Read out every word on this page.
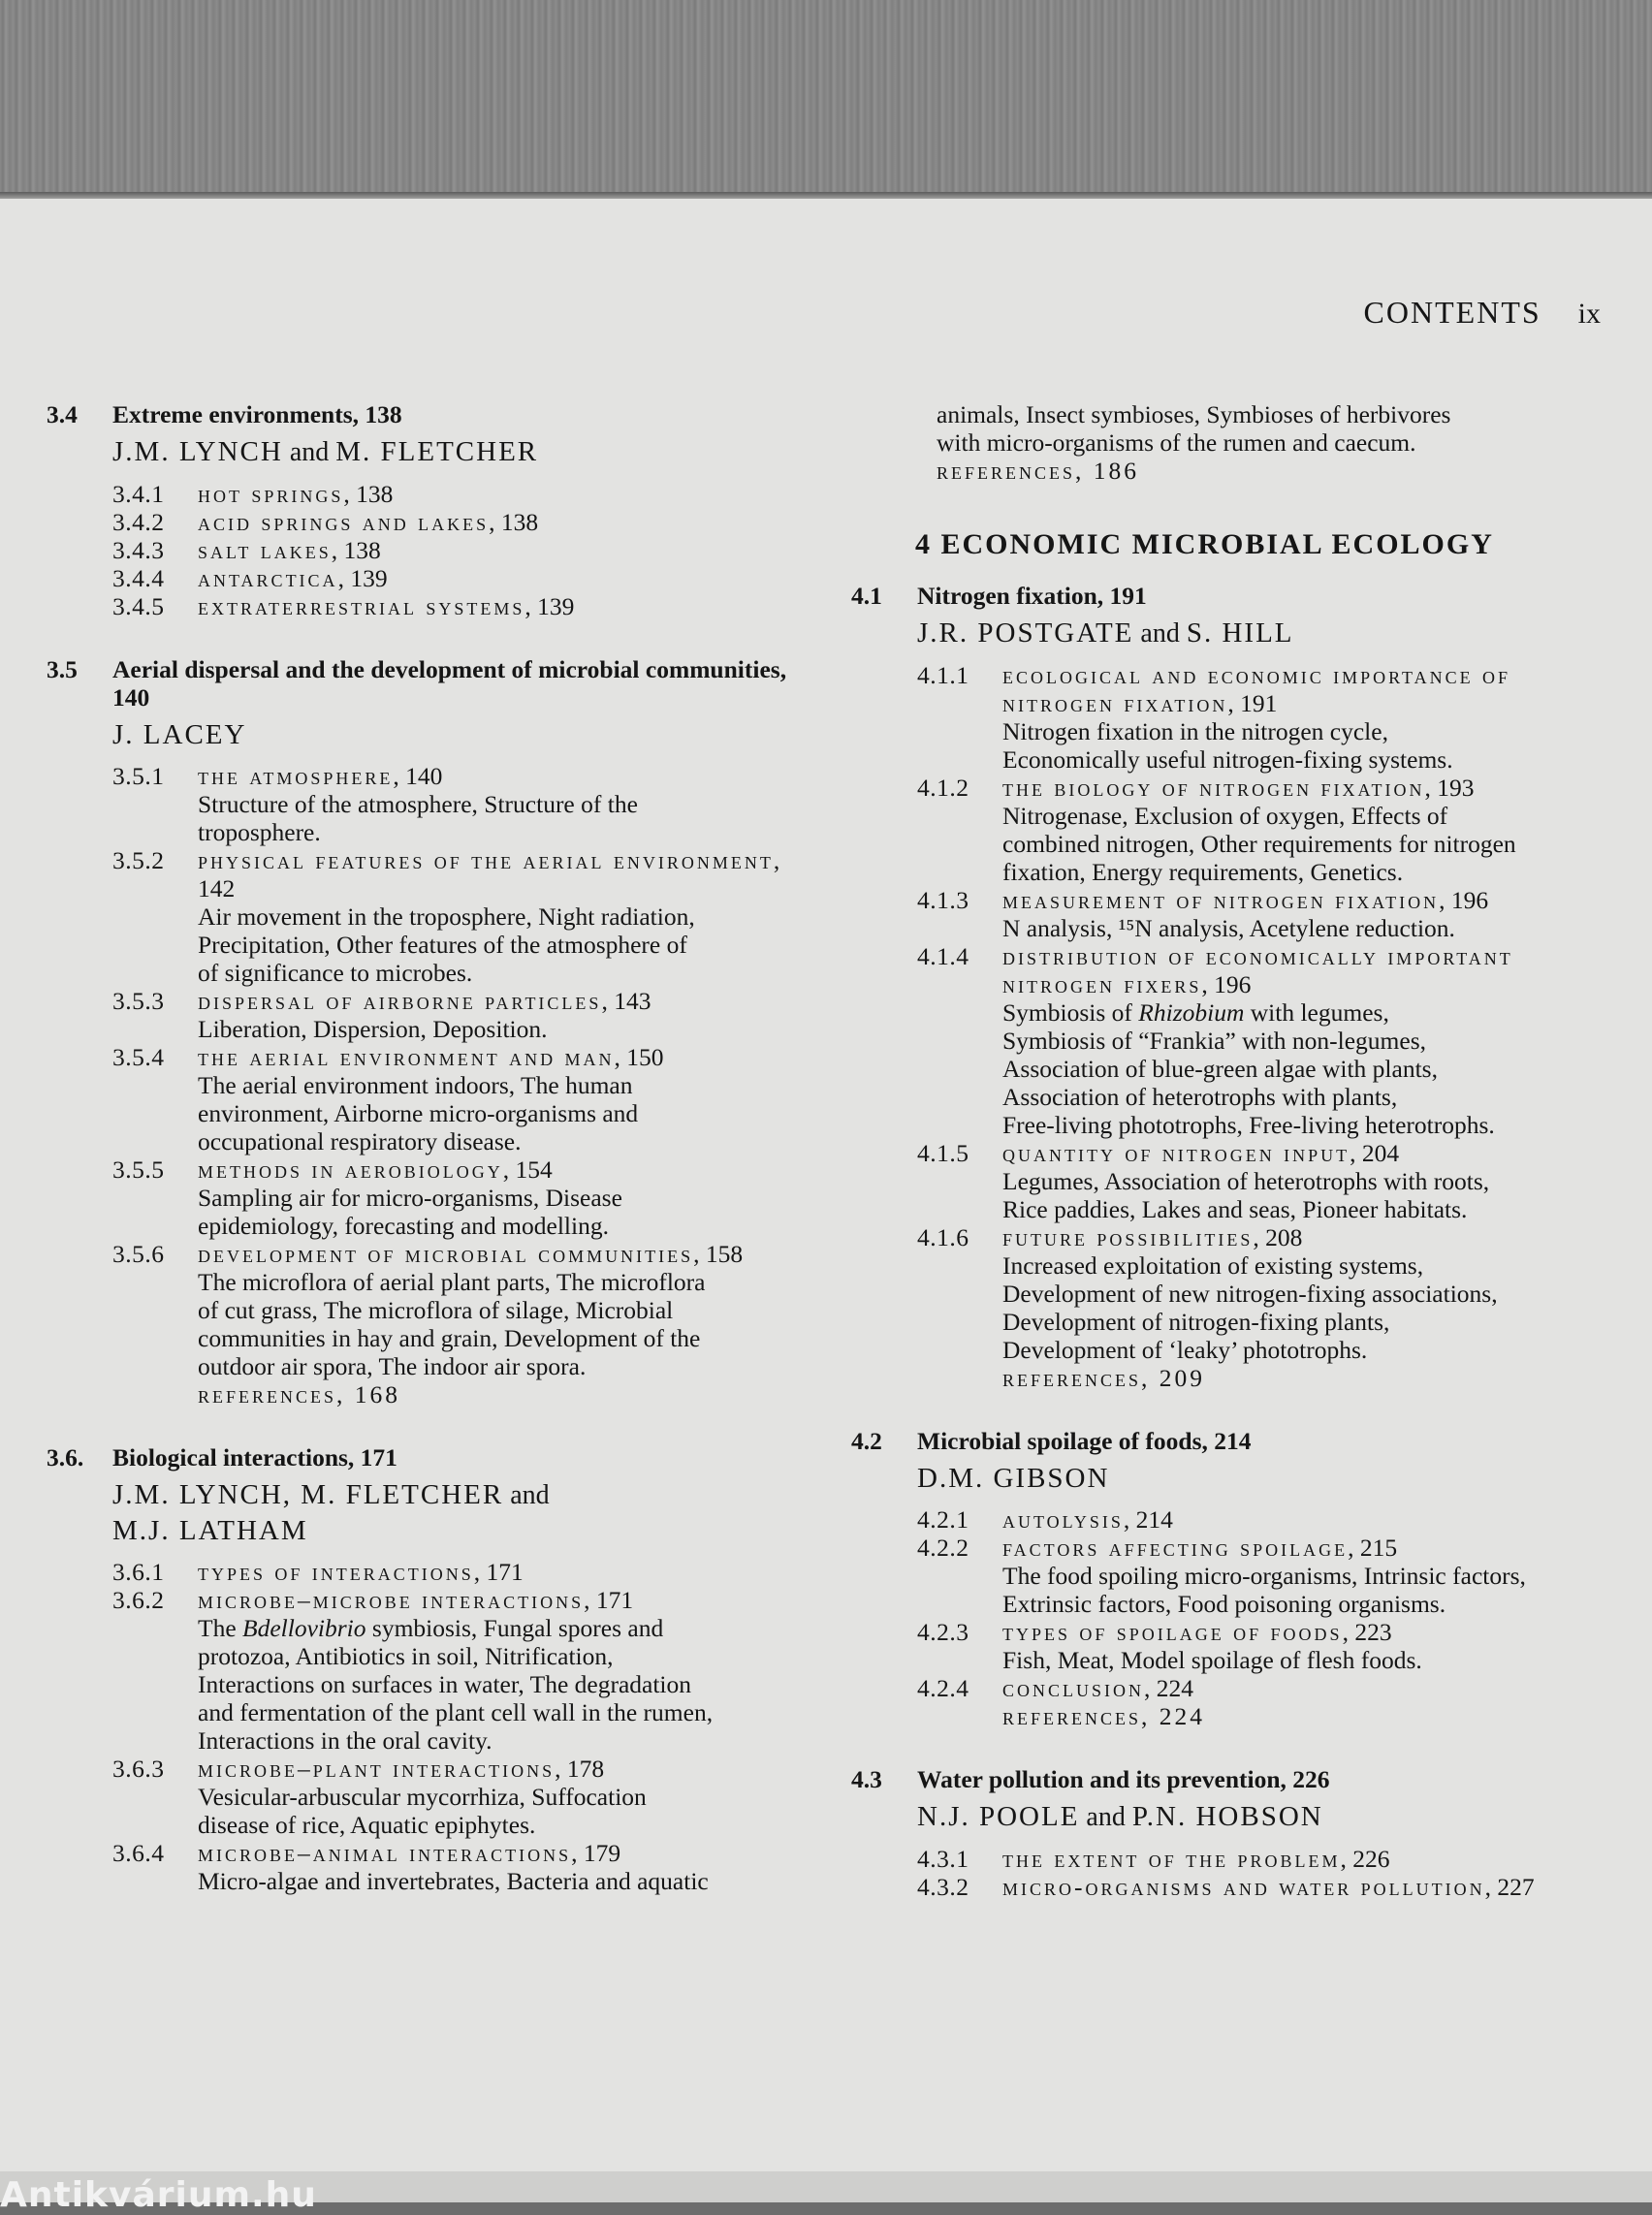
CONTENTS ix
3.4	Extreme environments, 138
J.M. LYNCH and M. FLETCHER
3.4.1	hot springs, 138
3.4.2	acid springs and lakes, 138
3.4.3	salt lakes, 138
3.4.4	antarctica, 139
3.4.5	extraterrestrial systems, 139
3.5	Aerial dispersal and the development of microbial communities, 140
J. LACEY
3.5.1	the atmosphere, 140
Structure of the atmosphere, Structure of the
troposphere.
3.5.2	physical features of the aerial environment, 142
Air movement in the troposphere, Night radiation,
Precipitation, Other features of the atmosphere of
of significance to microbes.
3.5.3	dispersal of airborne particles, 143
Liberation, Dispersion, Deposition.
3.5.4	the aerial environment and man, 150
The aerial environment indoors, The human
environment, Airborne micro-organisms and
occupational respiratory disease.
3.5.5	methods in aerobiology, 154
Sampling air for micro-organisms, Disease
epidemiology, forecasting and modelling.
3.5.6	development of microbial communities, 158
The microflora of aerial plant parts, The microflora
of cut grass, The microflora of silage, Microbial
communities in hay and grain, Development of the
outdoor air spora, The indoor air spora.
references, 168
3.6.	Biological interactions, 171
J.M. LYNCH, M. FLETCHER and
M.J. LATHAM
3.6.1	types of interactions, 171
3.6.2	microbe–microbe interactions, 171
The Bdellovibrio symbiosis, Fungal spores and
protozoa, Antibiotics in soil, Nitrification,
Interactions on surfaces in water, The degradation
and fermentation of the plant cell wall in the rumen,
Interactions in the oral cavity.
3.6.3	microbe–plant interactions, 178
Vesicular-arbuscular mycorrhiza, Suffocation
disease of rice, Aquatic epiphytes.
3.6.4	microbe–animal interactions, 179
Micro-algae and invertebrates, Bacteria and aquatic
animals, Insect symbioses, Symbioses of herbivores
with micro-organisms of the rumen and caecum.
references, 186
4 ECONOMIC MICROBIAL ECOLOGY
4.1	Nitrogen fixation, 191
J.R. POSTGATE and S. HILL
4.1.1	ecological and economic importance of nitrogen fixation, 191
Nitrogen fixation in the nitrogen cycle,
Economically useful nitrogen-fixing systems.
4.1.2	the biology of nitrogen fixation, 193
Nitrogenase, Exclusion of oxygen, Effects of
combined nitrogen, Other requirements for nitrogen
fixation, Energy requirements, Genetics.
4.1.3	measurement of nitrogen fixation, 196
N analysis, ¹⁵N analysis, Acetylene reduction.
4.1.4	distribution of economically important nitrogen fixers, 196
Symbiosis of Rhizobium with legumes,
Symbiosis of “Frankia” with non-legumes,
Association of blue-green algae with plants,
Association of heterotrophs with plants,
Free-living phototrophs, Free-living heterotrophs.
4.1.5	quantity of nitrogen input, 204
Legumes, Association of heterotrophs with roots,
Rice paddies, Lakes and seas, Pioneer habitats.
4.1.6	future possibilities, 208
Increased exploitation of existing systems,
Development of new nitrogen-fixing associations,
Development of nitrogen-fixing plants,
Development of ‘leaky’ phototrophs.
references, 209
4.2	Microbial spoilage of foods, 214
D.M. GIBSON
4.2.1	autolysis, 214
4.2.2	factors affecting spoilage, 215
The food spoiling micro-organisms, Intrinsic factors,
Extrinsic factors, Food poisoning organisms.
4.2.3	types of spoilage of foods, 223
Fish, Meat, Model spoilage of flesh foods.
4.2.4	conclusion, 224
references, 224
4.3	Water pollution and its prevention, 226
N.J. POOLE and P.N. HOBSON
4.3.1	the extent of the problem, 226
4.3.2	micro-organisms and water pollution, 227
Antikvárium.hu
